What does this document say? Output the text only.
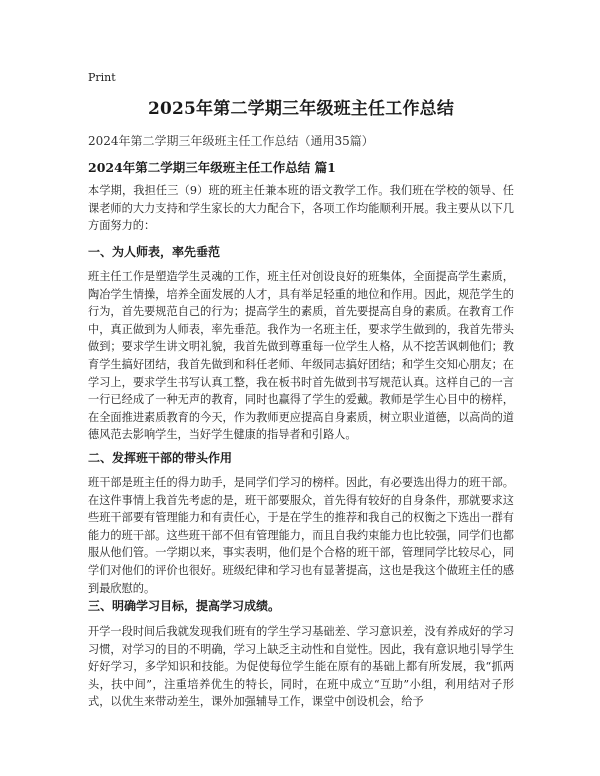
Print
2025年第二学期三年级班主任工作总结

2024年第二学期三年级班主任工作总结（通用35篇）

2024年第二学期三年级班主任工作总结 篇1

本学期，我担任三（9）班的班主任兼本班的语文教学工作。我们班在学校的领导、任课老师的大力支持和学生家长的大力配合下，各项工作均能顺利开展。我主要从以下几方面努力的：

一、为人师表，率先垂范

班主任工作是塑造学生灵魂的工作，班主任对创设良好的班集体，全面提高学生素质，陶冶学生情操，培养全面发展的人才，具有举足轻重的地位和作用。因此，规范学生的行为，首先要规范自己的行为；提高学生的素质，首先要提高自身的素质。在教育工作中，真正做到为人师表，率先垂范。我作为一名班主任，要求学生做到的，我首先带头做到；要求学生讲文明礼貌，我首先做到尊重每一位学生人格，从不挖苦讽刺他们；教育学生搞好团结，我首先做到和科任老师、年级同志搞好团结；和学生交知心朋友；在学习上，要求学生书写认真工整，我在板书时首先做到书写规范认真。这样自己的一言一行已经成了一种无声的教育，同时也赢得了学生的爱戴。教师是学生心目中的榜样，在全面推进素质教育的今天，作为教师更应提高自身素质，树立职业道德，以高尚的道德风范去影响学生，当好学生健康的指导者和引路人。

二、发挥班干部的带头作用

班干部是班主任的得力助手，是同学们学习的榜样。因此，有必要选出得力的班干部。在这件事情上我首先考虑的是，班干部要服众，首先得有较好的自身条件，那就要求这些班干部要有管理能力和有责任心，于是在学生的推荐和我自己的权衡之下选出一群有能力的班干部。这些班干部不但有管理能力，而且自我约束能力也比较强，同学们也都服从他们管。一学期以来，事实表明，他们是个合格的班干部，管理同学比较尽心，同学们对他们的评价也很好。班级纪律和学习也有显著提高，这也是我这个做班主任的感到最欣慰的。

三、明确学习目标，提高学习成绩。

开学一段时间后我就发现我们班有的学生学习基础差、学习意识差，没有养成好的学习习惯，对学习的目的不明确，学习上缺乏主动性和自觉性。因此，我有意识地引导学生好好学习，多学知识和技能。为促使每位学生能在原有的基础上都有所发展，我“抓两头，扶中间”，注重培养优生的特长，同时，在班中成立“互助”小组，利用结对子形式，以优生来带动差生，课外加强辅导工作，课堂中创设机会，给予
